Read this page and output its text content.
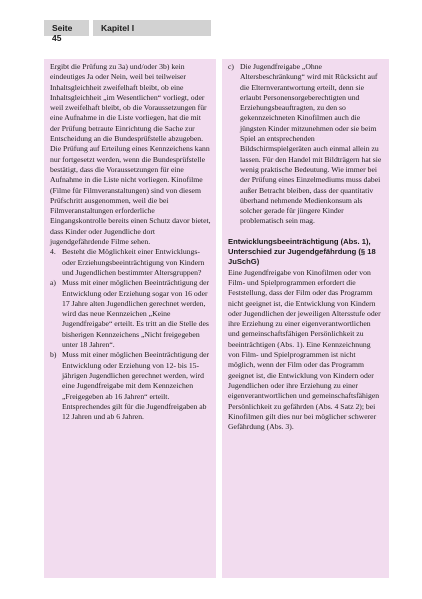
Seite 45
Kapitel I

Ergibt die Prüfung zu 3a) und/oder 3b) kein eindeutiges Ja oder Nein, weil bei teilweiser Inhaltsgleichheit zweifelhaft bleibt, ob eine Inhaltsgleichheit „im Wesentlichen“ vorliegt, oder weil zweifelhaft bleibt, ob die Voraussetzungen für eine Aufnahme in die Liste vorliegen, hat die mit der Prüfung betraute Einrichtung die Sache zur Entscheidung an die Bundesprüfstelle abzugeben. Die Prüfung auf Erteilung eines Kennzeichens kann nur fortgesetzt werden, wenn die Bundesprüfstelle bestätigt, dass die Voraussetzungen für eine Aufnahme in die Liste nicht vorliegen. Kinofilme (Filme für Filmveranstaltungen) sind von diesem Prüfschritt ausgenommen, weil die bei Filmveranstaltungen erforderliche Eingangskontrolle bereits einen Schutz davor bietet, dass Kinder oder Jugendliche dort jugendgefährdende Filme sehen.

4. Besteht die Möglichkeit einer Entwicklungs- oder Erziehungsbeeinträchtigung von Kindern und Jugendlichen bestimmter Altersgruppen?
a) Muss mit einer möglichen Beeinträchtigung der Entwicklung oder Erziehung sogar von 16 oder 17 Jahre alten Jugendlichen gerechnet werden, wird das neue Kennzeichen „Keine Jugendfreigabe“ erteilt. Es tritt an die Stelle des bisherigen Kennzeichens „Nicht freigegeben unter 18 Jahren“.
b) Muss mit einer möglichen Beeinträchtigung der Entwicklung oder Erziehung von 12- bis 15-jährigen Jugendlichen gerechnet werden, wird eine Jugendfreigabe mit dem Kennzeichen „Freigegeben ab 16 Jahren“ erteilt. Entsprechendes gilt für die Jugendfreigaben ab 12 Jahren und ab 6 Jahren.
c) Die Jugendfreigabe „Ohne Altersbeschränkung“ wird mit Rücksicht auf die Elternverantwortung erteilt, denn sie erlaubt Personensorgeberechtigten und Erziehungsbeauftragten, zu den so gekennzeichneten Kinofilmen auch die jüngsten Kinder mitzunehmen oder sie beim Spiel an entsprechenden Bildschirmspielgeräten auch einmal allein zu lassen. Für den Handel mit Bildträgern hat sie wenig praktische Bedeutung. Wie immer bei der Prüfung eines Einzelmediums muss dabei außer Betracht bleiben, dass der quantitativ überhand nehmende Medienkonsum als solcher gerade für jüngere Kinder problematisch sein mag.
Entwicklungsbeeinträchtigung (Abs. 1), Unterschied zur Jugendgefährdung (§ 18 JuSchG)

Eine Jugendfreigabe von Kinofilmen oder von Film- und Spielprogrammen erfordert die Feststellung, dass der Film oder das Programm nicht geeignet ist, die Entwicklung von Kindern oder Jugendlichen der jeweiligen Altersstufe oder ihre Erziehung zu einer eigenverantwortlichen und gemeinschaftsfähigen Persönlichkeit zu beeinträchtigen (Abs. 1). Eine Kennzeichnung von Film- und Spielprogrammen ist nicht möglich, wenn der Film oder das Programm geeignet ist, die Entwicklung von Kindern oder Jugendlichen oder ihre Erziehung zu einer eigenverantwortlichen und gemeinschaftsfähigen Persönlichkeit zu gefährden (Abs. 4 Satz 2); bei Kinofilmen gilt dies nur bei möglicher schwerer Gefährdung (Abs. 3).
